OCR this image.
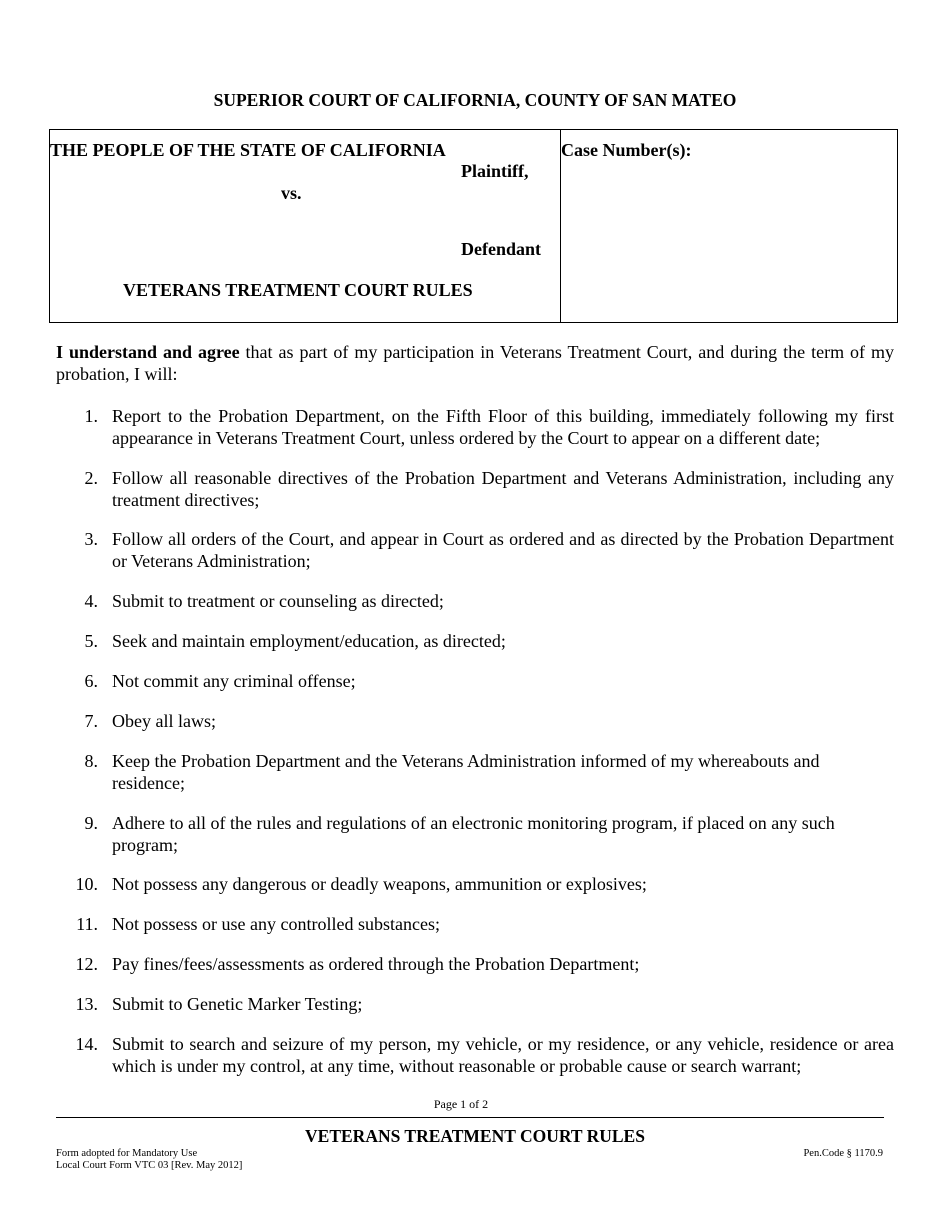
SUPERIOR COURT OF CALIFORNIA, COUNTY OF SAN MATEO
THE PEOPLE OF THE STATE OF CALIFORNIA
Plaintiff,
vs.
Defendant
VETERANS TREATMENT COURT RULES
Case Number(s):
I understand and agree that as part of my participation in Veterans Treatment Court, and during the term of my probation, I will:
1. Report to the Probation Department, on the Fifth Floor of this building, immediately following my first appearance in Veterans Treatment Court, unless ordered by the Court to appear on a different date;
2. Follow all reasonable directives of the Probation Department and Veterans Administration, including any treatment directives;
3. Follow all orders of the Court, and appear in Court as ordered and as directed by the Probation Department or Veterans Administration;
4. Submit to treatment or counseling as directed;
5. Seek and maintain employment/education, as directed;
6. Not commit any criminal offense;
7. Obey all laws;
8. Keep the Probation Department and the Veterans Administration informed of my whereabouts and residence;
9. Adhere to all of the rules and regulations of an electronic monitoring program, if placed on any such program;
10. Not possess any dangerous or deadly weapons, ammunition or explosives;
11. Not possess or use any controlled substances;
12. Pay fines/fees/assessments as ordered through the Probation Department;
13. Submit to Genetic Marker Testing;
14. Submit to search and seizure of my person, my vehicle, or my residence, or any vehicle, residence or area which is under my control, at any time, without reasonable or probable cause or search warrant;
Page 1 of 2
VETERANS TREATMENT COURT RULES
Form adopted for Mandatory Use
Local Court Form VTC 03 [Rev. May 2012]
Pen.Code § 1170.9
